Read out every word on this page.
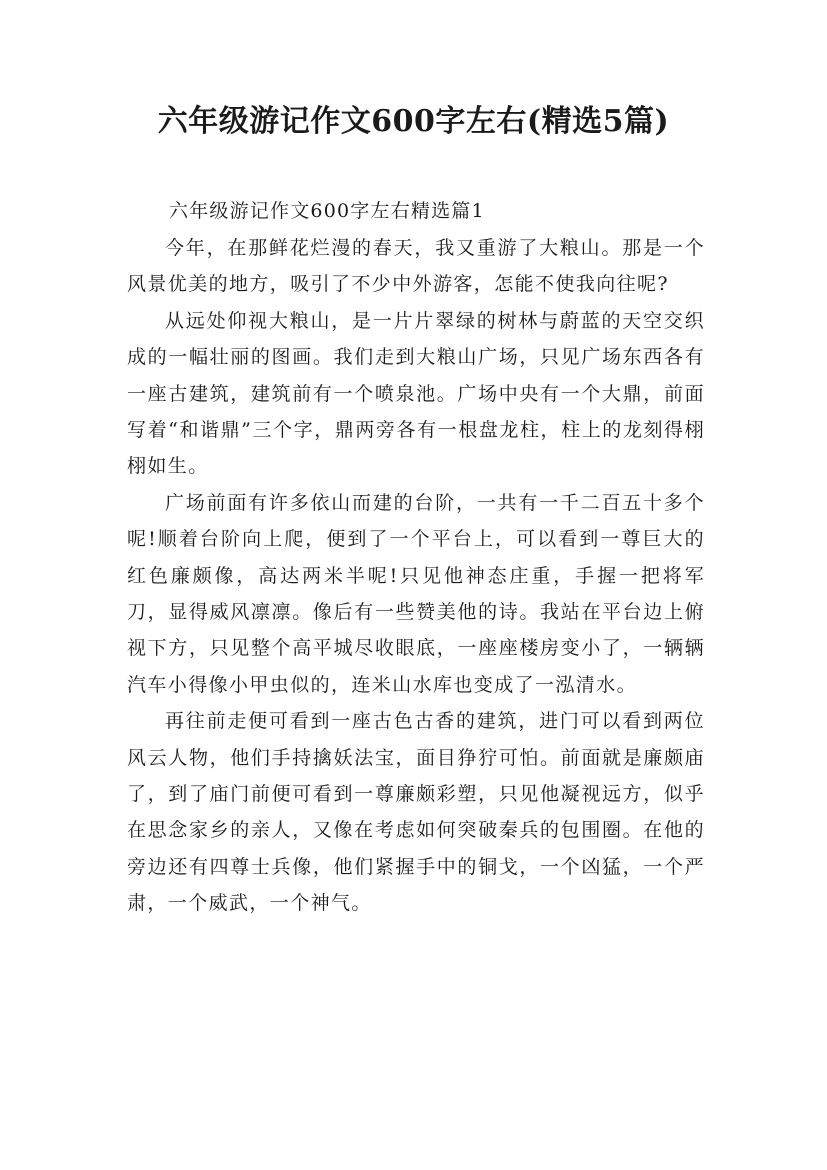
六年级游记作文600字左右(精选5篇)

六年级游记作文600字左右精选篇1

今年，在那鲜花烂漫的春天，我又重游了大粮山。那是一个风景优美的地方，吸引了不少中外游客，怎能不使我向往呢?

从远处仰视大粮山，是一片片翠绿的树林与蔚蓝的天空交织成的一幅壮丽的图画。我们走到大粮山广场，只见广场东西各有一座古建筑，建筑前有一个喷泉池。广场中央有一个大鼎，前面写着“和谐鼎”三个字，鼎两旁各有一根盘龙柱，柱上的龙刻得栩栩如生。

广场前面有许多依山而建的台阶，一共有一千二百五十多个呢!顺着台阶向上爬，便到了一个平台上，可以看到一尊巨大的红色廉颇像，高达两米半呢!只见他神态庄重，手握一把将军刀，显得威风凛凛。像后有一些赞美他的诗。我站在平台边上俯视下方，只见整个高平城尽收眼底，一座座楼房变小了，一辆辆汽车小得像小甲虫似的，连米山水库也变成了一泓清水。

再往前走便可看到一座古色古香的建筑，进门可以看到两位风云人物，他们手持擒妖法宝，面目狰狞可怕。前面就是廉颇庙了，到了庙门前便可看到一尊廉颇彩塑，只见他凝视远方，似乎在思念家乡的亲人，又像在考虑如何突破秦兵的包围圈。在他的旁边还有四尊士兵像，他们紧握手中的铜戈，一个凶猛，一个严肃，一个威武，一个神气。
